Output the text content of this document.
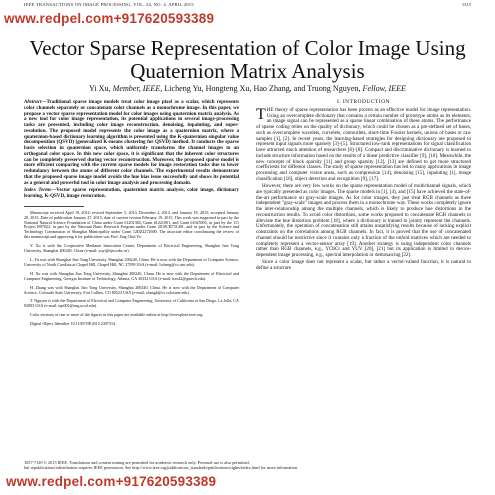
IEEE TRANSACTIONS ON IMAGE PROCESSING, VOL. 24, NO. 4, APRIL 2015	1315
www.redpel.com+917620593389
Vector Sparse Representation of Color Image Using Quaternion Matrix Analysis
Yi Xu, Member, IEEE, Licheng Yu, Hongteng Xu, Hao Zhang, and Truong Nguyen, Fellow, IEEE

Abstract—Traditional sparse image models treat color image pixel as a scalar, which represents color channels separately or concatenate color channels as a monochrome image. In this paper, we propose a vector sparse representation model for color images using quaternion matrix analysis. As a new tool for color image representation, its potential applications in several image-processing tasks are presented, including color image reconstruction, denoising, inpainting, and super-resolution. The proposed model represents the color image as a quaternion matrix, where a quaternion-based dictionary learning algorithm is presented using the K-quaternion singular value decomposition (QSVD) (generalized K-means clustering for QSVD) method. It conducts the sparse basis selection in quaternion space, which uniformly transforms the channel images to an orthogonal color space. In this new color space, it is significant that the inherent color structures can be completely preserved during vector reconstruction. Moreover, the proposed sparse model is more efficient comparing with the current sparse models for image restoration tasks due to lower redundancy between the atoms of different color channels. The experimental results demonstrate that the proposed sparse image model avoids the hue bias issue successfully and shows its potential as a general and powerful tool in color image analysis and processing domain.

Index Terms—Vector sparse representation, quaternion matrix analysis, color image, dictionary learning, K-QSVD, image restoration.

Manuscript received April 19, 2014; revised September 5, 2014, December 2, 2014, and January 18, 2015; accepted January 20, 2015. Date of publication January 27, 2015; date of current version February 19, 2015. This work was supported in part by the National Natural Science Foundation of China under Grant 61201384, Grant 61221001, and Grant 61025005, in part by the 111 Project B07022, in part by the National Basic Research Program under Grant 2010CB731401, and in part by the Science and Technology Commission of Shanghai Municipality under Grant 12DZ2272600. The associate editor coordinating the review of this manuscript and approving it for publication was Prof. Jing Chul Ye.

Y. Xu is with the Cooperative Medianet Innovation Center, Department of Electrical Engineering, Shanghai Jiao Tong University, Shanghai 200240, China (e-mail: xuyi@sjtu.edu.cn).

L. Yu was with Shanghai Jiao Tong University, Shanghai 200240, China. He is now with the Department of Computer Science, University of North Carolina at Chapel Hill, Chapel Hill, NC 27599 USA (e-mail: licheng@cs.unc.edu).

H. Xu was with Shanghai Jiao Tong University, Shanghai 200240, China. He is now with the Department of Electrical and Computer Engineering, Georgia Institute of Technology, Atlanta, GA 30332 USA (e-mail: hxu42@gatech.edu).

H. Zhang was with Shanghai Jiao Tong University, Shanghai 200240, China. He is now with the Department of Computer Science, Colorado State University, Fort Collins, CO 80523 USA (e-mail: zhangh@cs.colostate.edu).

T. Nguyen is with the Department of Electrical and Computer Engineering, University of California at San Diego, La Jolla, CA 92093 USA (e-mail: tqn001@eng.ucsd.edu).

Color versions of one or more of the figures in this paper are available online at http://ieeexplore.ieee.org.

Digital Object Identifier 10.1109/TIP.2015.2397314

I. INTRODUCTION

THE theory of sparse representation has been proven as an effective model for image representation. Using an overcomplete dictionary that contains a certain number of prototype atoms as its elements, an image signal can be represented as a sparse linear combination of these atoms. The performance of sparse coding relies on the quality of dictionary, which could be chosen as a pre-defined set of bases, such as overcomplete wavelets, curvelets, contourlets, short-time Fourier kernels, unions of bases or raw samples [1], [2]. In recent years, the learning-based strategies for designing dictionary are proposed to represent input signals more sparsely [3]–[5]. Structured low-rank representations for signal classification have attracted much attention of researchers [6]–[8]. Compact and discriminative dictionary is learned to include structure information based on the results of a linear predictive classifier [9], [10]. Meanwhile, the new concepts of block sparsity [11] and group sparsity [12], [13] are defined to get more structured coefficients for different classes. The study of sparse representation has led to many applications in image processing and computer vision areas, such as compression [14], denoising [15], inpainting [1], image classification [16], object detection and recognition [9], [17].

However, there are very few works on the sparse representation model of multichannel signals, which are typically presented as color images. The sparse models in [1], [4], and [15] have achieved the state-of-the-art performance on gray-scale images. As for color images, they just treat RGB channels as three independent "gray-scale" images and process them in a monochrome way. These works completely ignore the inter-relationship among the multiple channels, which is likely to produce hue distortions in the reconstruction results. To avoid color distortions, some works proposed to concatenate RGB channels to alleviate the hue distortion problem [18], where a dictionary is trained to jointly represent the channels. Unfortunately, the operation of concatenation still attains unsatisfying results because of lacking explicit constraints on the correlations among RGB channels. In fact, it is proved that the use of concatenated channel should be restrictive since it contains only a fraction of the unfold matrices which are needed to completely represent a vector-sensor array [19]. Another strategy is using independent color channels rather than RGB channels, e.g., YCbCr and YUV [20], [21] but its application is limited in device-dependent image processing, e.g., spectral interpolation or demosaicing [22].

Since a color image does not represent a scalar, but rather a vector-valued function, it is natural to define a structure

1057-7149 © 2015 IEEE. Translations and content mining are permitted for academic research only. Personal use is also permitted,
but republication/redistribution requires IEEE permission. See http://www.ieee.org/publications_standards/publications/rights/index.html for more information.
www.redpel.com+917620593389
